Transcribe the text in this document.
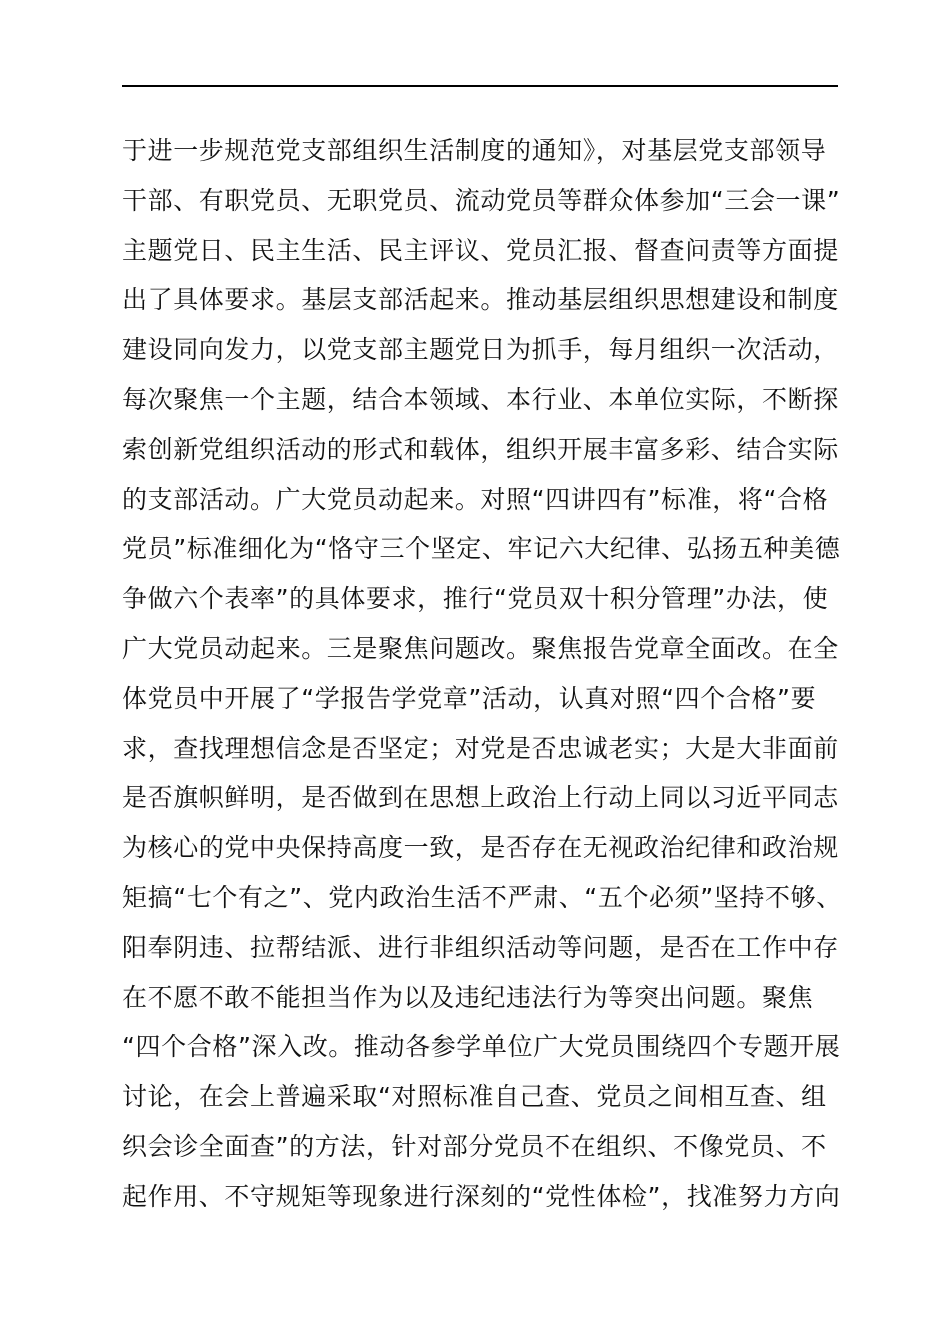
于进一步规范党支部组织生活制度的通知》，对基层党支部领导
干部、有职党员、无职党员、流动党员等群众体参加“三会一课”
主题党日、民主生活、民主评议、党员汇报、督查问责等方面提
出了具体要求。基层支部活起来。推动基层组织思想建设和制度
建设同向发力，以党支部主题党日为抓手，每月组织一次活动，
每次聚焦一个主题，结合本领域、本行业、本单位实际，不断探
索创新党组织活动的形式和载体，组织开展丰富多彩、结合实际
的支部活动。广大党员动起来。对照“四讲四有”标准，将“合格
党员”标准细化为“恪守三个坚定、牢记六大纪律、弘扬五种美德
争做六个表率”的具体要求，推行“党员双十积分管理”办法，使
广大党员动起来。三是聚焦问题改。聚焦报告党章全面改。在全
体党员中开展了“学报告学党章”活动，认真对照“四个合格”要
求，查找理想信念是否坚定；对党是否忠诚老实；大是大非面前
是否旗帜鲜明，是否做到在思想上政治上行动上同以习近平同志
为核心的党中央保持高度一致，是否存在无视政治纪律和政治规
矩搞“七个有之”、党内政治生活不严肃、“五个必须”坚持不够、
阳奉阴违、拉帮结派、进行非组织活动等问题，是否在工作中存
在不愿不敢不能担当作为以及违纪违法行为等突出问题。聚焦
“四个合格”深入改。推动各参学单位广大党员围绕四个专题开展
讨论，在会上普遍采取“对照标准自己查、党员之间相互查、组
织会诊全面查”的方法，针对部分党员不在组织、不像党员、不
起作用、不守规矩等现象进行深刻的“党性体检”，找准努力方向
